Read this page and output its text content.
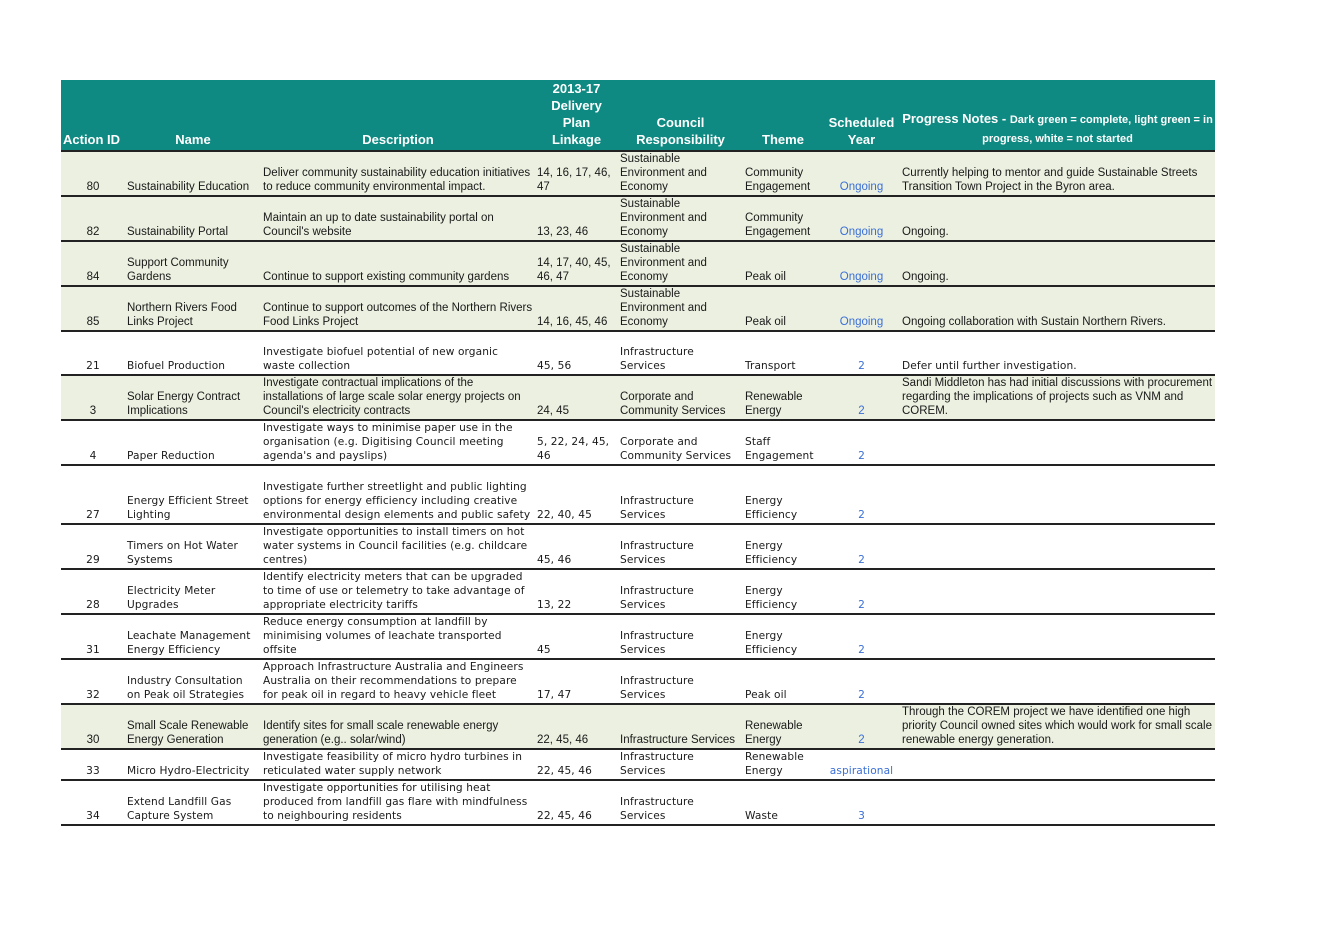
Action ID	Name	Description	2013-17 Delivery Plan Linkage	Council Responsibility	Theme	Scheduled Year	Progress Notes - Dark green = complete, light green = in progress, white = not started
80	Sustainability Education	Deliver community sustainability education initiatives to reduce community environmental impact.	14, 16, 17, 46, 47	Sustainable Environment and Economy	Community Engagement	Ongoing	Currently helping to mentor and guide Sustainable Streets Transition Town Project in the Byron area.
82	Sustainability Portal	Maintain an up to date sustainability portal on Council's website	13, 23, 46	Sustainable Environment and Economy	Community Engagement	Ongoing	Ongoing.
84	Support Community Gardens	Continue to support existing community gardens	14, 17, 40, 45, 46, 47	Sustainable Environment and Economy	Peak oil	Ongoing	Ongoing.
85	Northern Rivers Food Links Project	Continue to support outcomes of the Northern Rivers Food Links Project	14, 16, 45, 46	Sustainable Environment and Economy	Peak oil	Ongoing	Ongoing collaboration with Sustain Northern Rivers.
21	Biofuel Production	Investigate biofuel potential of new organic waste collection	45, 56	Infrastructure Services	Transport	2	Defer until further investigation.
3	Solar Energy Contract Implications	Investigate contractual implications of the installations of large scale solar energy projects on Council's electricity contracts	24, 45	Corporate and Community Services	Renewable Energy	2	Sandi Middleton has had initial discussions with procurement regarding the implications of projects such as VNM and COREM.
4	Paper Reduction	Investigate ways to minimise paper use in the organisation (e.g. Digitising Council meeting agenda's and payslips)	5, 22, 24, 45, 46	Corporate and Community Services	Staff Engagement	2	
27	Energy Efficient Street Lighting	Investigate further streetlight and public lighting options for energy efficiency including creative environmental design elements and public safety	22, 40, 45	Infrastructure Services	Energy Efficiency	2	
29	Timers on Hot Water Systems	Investigate opportunities to install timers on hot water systems in Council facilities (e.g. childcare centres)	45, 46	Infrastructure Services	Energy Efficiency	2	
28	Electricity Meter Upgrades	Identify electricity meters that can be upgraded to time of use or telemetry to take advantage of appropriate electricity tariffs	13, 22	Infrastructure Services	Energy Efficiency	2	
31	Leachate Management Energy Efficiency	Reduce energy consumption at landfill by minimising volumes of leachate transported offsite	45	Infrastructure Services	Energy Efficiency	2	
32	Industry Consultation on Peak oil Strategies	Approach Infrastructure Australia and Engineers Australia on their recommendations to prepare for peak oil in regard to heavy vehicle fleet	17, 47	Infrastructure Services	Peak oil	2	
30	Small Scale Renewable Energy Generation	Identify sites for small scale renewable energy generation (e.g.. solar/wind)	22, 45, 46	Infrastructure Services	Renewable Energy	2	Through the COREM project we have identified one high priority Council owned sites which would work for small scale renewable energy generation.
33	Micro Hydro-Electricity	Investigate feasibility of micro hydro turbines in reticulated water supply network	22, 45, 46	Infrastructure Services	Renewable Energy	aspirational	
34	Extend Landfill Gas Capture System	Investigate opportunities for utilising heat produced from landfill gas flare with mindfulness to neighbouring residents	22, 45, 46	Infrastructure Services	Waste	3	
